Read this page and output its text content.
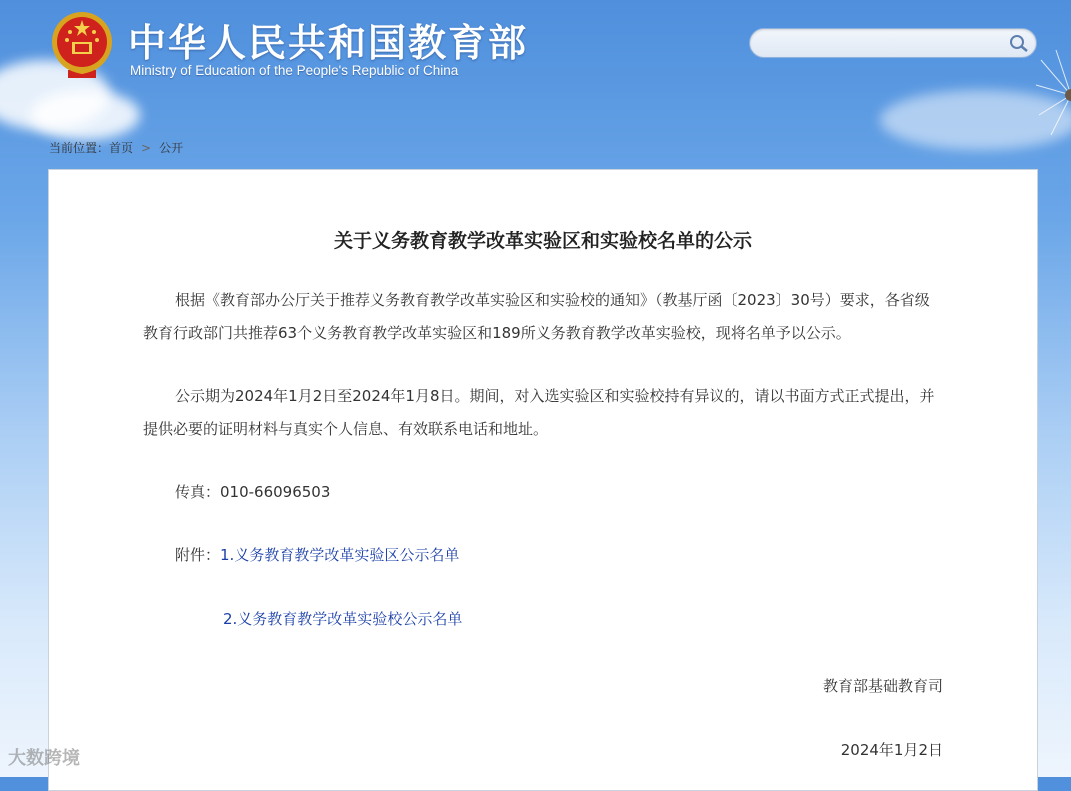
中华人民共和国教育部
Ministry of Education of the People's Republic of China
当前位置：首页 > 公开
关于义务教育教学改革实验区和实验校名单的公示
根据《教育部办公厅关于推荐义务教育教学改革实验区和实验校的通知》（教基厅函〔2023〕30号）要求，各省级教育行政部门共推荐63个义务教育教学改革实验区和189所义务教育教学改革实验校，现将名单予以公示。
公示期为2024年1月2日至2024年1月8日。期间，对入选实验区和实验校持有异议的，请以书面方式正式提出，并提供必要的证明材料与真实个人信息、有效联系电话和地址。
传真：010-66096503
附件：1.义务教育教学改革实验区公示名单
2.义务教育教学改革实验校公示名单
教育部基础教育司
2024年1月2日
大数跨境
